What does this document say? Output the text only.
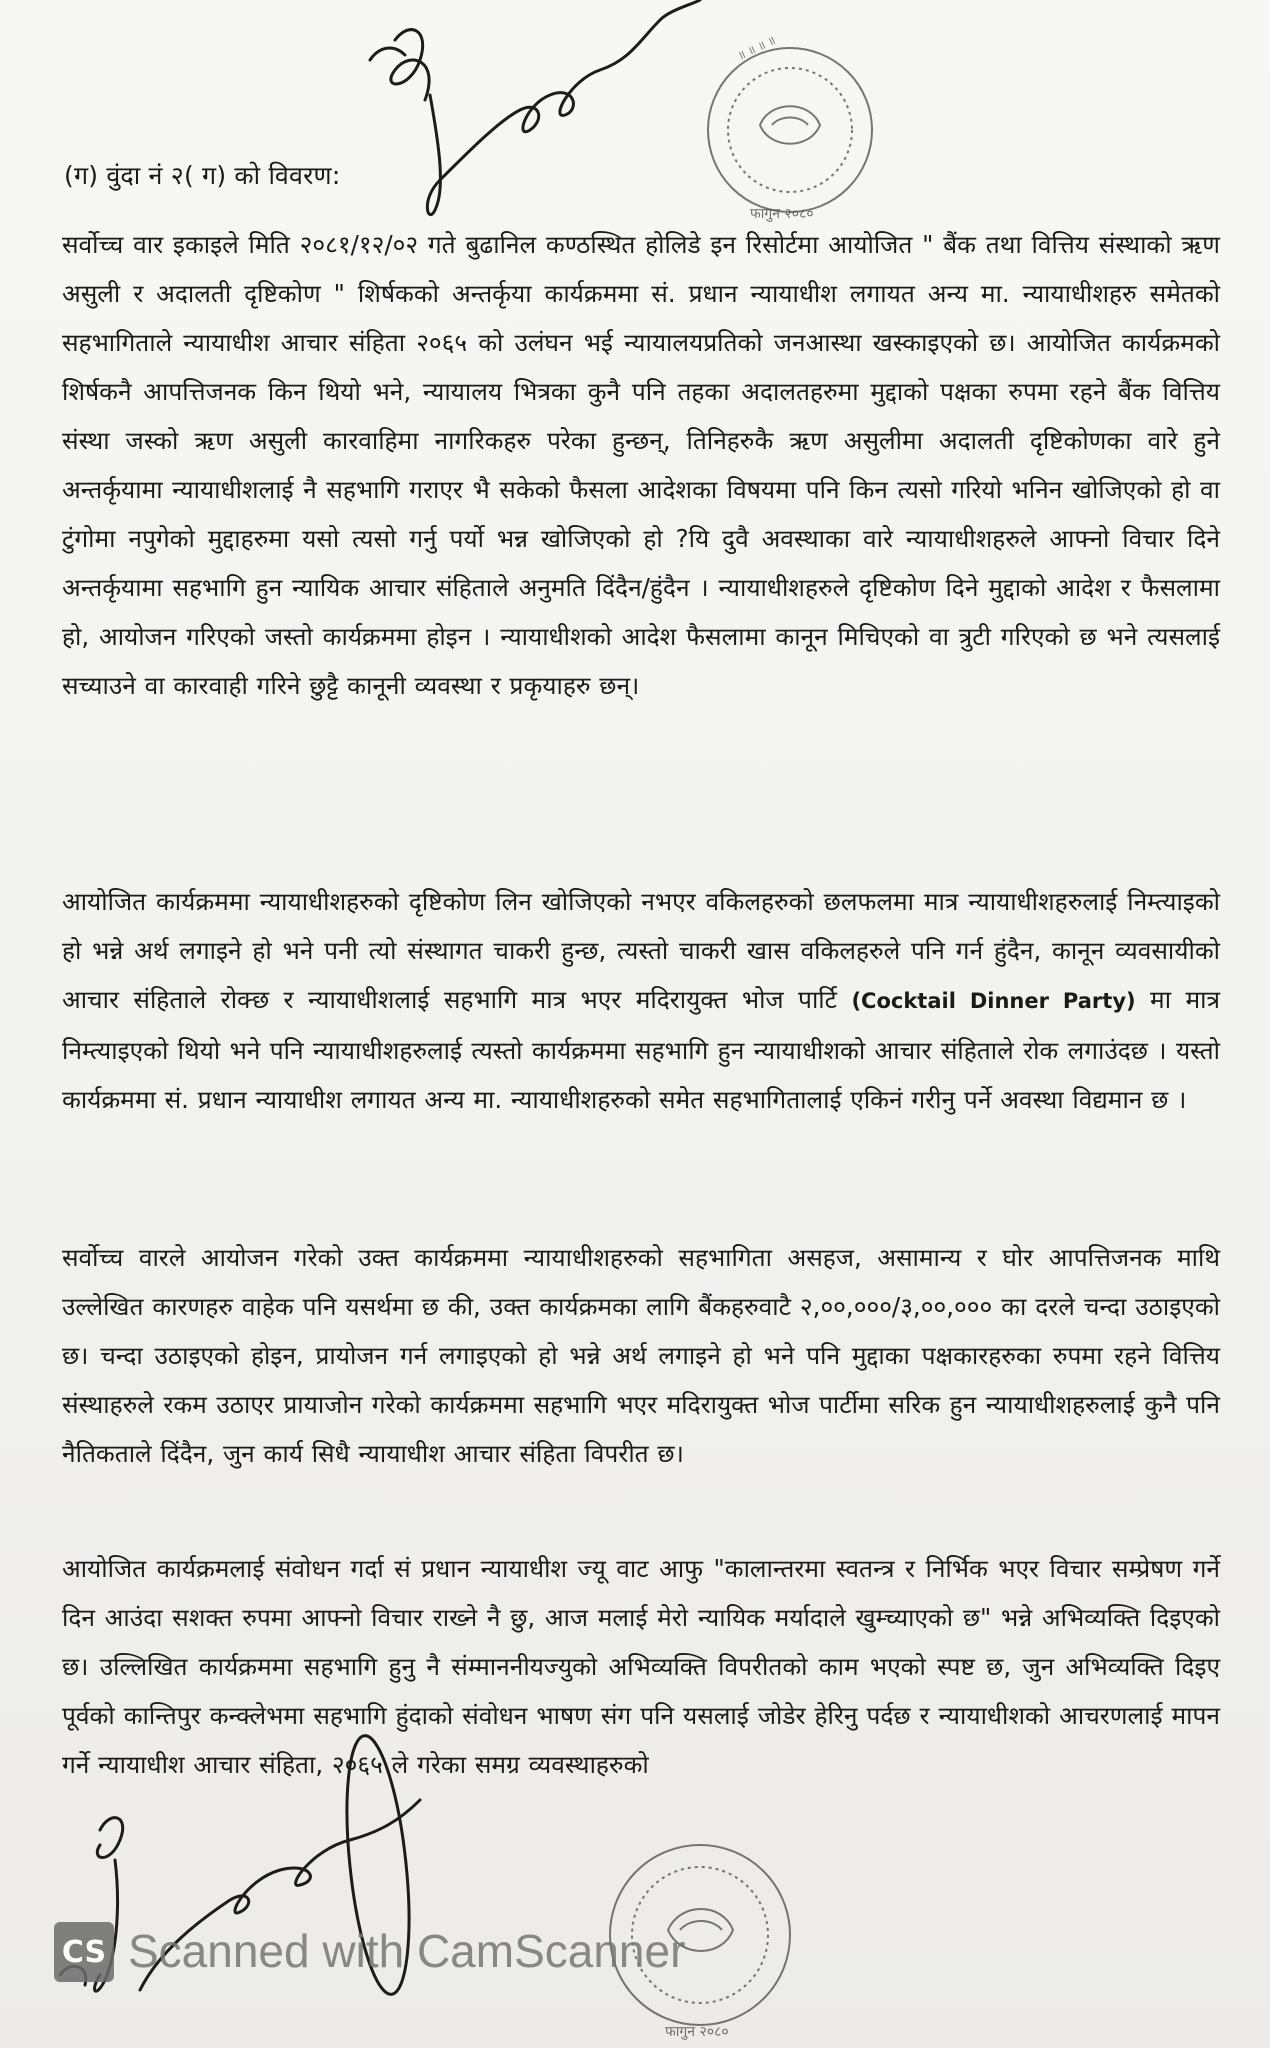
(ग) वुंदा नं २( ग) को विवरण:

सर्वोच्च वार इकाइले मिति २०८१/१२/०२ गते बुढानिल कण्ठस्थित होलिडे इन रिसोर्टमा आयोजित " बैंक तथा वित्तिय संस्थाको ऋण असुली र अदालती दृष्टिकोण " शिर्षकको अन्तर्कृया कार्यक्रममा सं. प्रधान न्यायाधीश लगायत अन्य मा. न्यायाधीशहरु समेतको सहभागिताले न्यायाधीश आचार संहिता २०६५ को उलंघन भई न्यायालयप्रतिको जनआस्था खस्काइएको छ। आयोजित कार्यक्रमको शिर्षकनै आपत्तिजनक किन थियो भने, न्यायालय भित्रका कुनै पनि तहका अदालतहरुमा मुद्दाको पक्षका रुपमा रहने बैंक वित्तिय संस्था जस्को ऋण असुली कारवाहिमा नागरिकहरु परेका हुन्छन्, तिनिहरुकै ऋण असुलीमा अदालती दृष्टिकोणका वारे हुने अन्तर्कृयामा न्यायाधीशलाई नै सहभागि गराएर भै सकेको फैसला आदेशका विषयमा पनि किन त्यसो गरियो भनिन खोजिएको हो वा टुंगोमा नपुगेको मुद्दाहरुमा यसो त्यसो गर्नु पर्यो भन्न खोजिएको हो ?यि दुवै अवस्थाका वारे न्यायाधीशहरुले आफ्नो विचार दिने अन्तर्कृयामा सहभागि हुन न्यायिक आचार संहिताले अनुमति दिंदैन/हुंदैन । न्यायाधीशहरुले दृष्टिकोण दिने मुद्दाको आदेश र फैसलामा हो, आयोजन गरिएको जस्तो कार्यक्रममा होइन । न्यायाधीशको आदेश फैसलामा कानून मिचिएको वा त्रुटी गरिएको छ भने त्यसलाई सच्याउने वा कारवाही गरिने छुट्टै कानूनी व्यवस्था र प्रकृयाहरु छन्।

आयोजित कार्यक्रममा न्यायाधीशहरुको दृष्टिकोण लिन खोजिएको नभएर वकिलहरुको छलफलमा मात्र न्यायाधीशहरुलाई निम्त्याइको हो भन्ने अर्थ लगाइने हो भने पनी त्यो संस्थागत चाकरी हुन्छ, त्यस्तो चाकरी खास वकिलहरुले पनि गर्न हुंदैन, कानून व्यवसायीको आचार संहिताले रोक्छ र न्यायाधीशलाई सहभागि मात्र भएर मदिरायुक्त भोज पार्टि (Cocktail Dinner Party) मा मात्र निम्त्याइएको थियो भने पनि न्यायाधीशहरुलाई त्यस्तो कार्यक्रममा सहभागि हुन न्यायाधीशको आचार संहिताले रोक लगाउंदछ । यस्तो कार्यक्रममा सं. प्रधान न्यायाधीश लगायत अन्य मा. न्यायाधीशहरुको समेत सहभागितालाई एकिनं गरीनु पर्ने अवस्था विद्यमान छ ।

सर्वोच्च वारले आयोजन गरेको उक्त कार्यक्रममा न्यायाधीशहरुको सहभागिता असहज, असामान्य र घोर आपत्तिजनक माथि उल्लेखित कारणहरु वाहेक पनि यसर्थमा छ की, उक्त कार्यक्रमका लागि बैंकहरुवाटै २,००,०००/३,००,००० का दरले चन्दा उठाइएको छ। चन्दा उठाइएको होइन, प्रायोजन गर्न लगाइएको हो भन्ने अर्थ लगाइने हो भने पनि मुद्दाका पक्षकारहरुका रुपमा रहने वित्तिय संस्थाहरुले रकम उठाएर प्रायाजोन गरेको कार्यक्रममा सहभागि भएर मदिरायुक्त भोज पार्टीमा सरिक हुन न्यायाधीशहरुलाई कुनै पनि नैतिकताले दिंदैन, जुन कार्य सिधै न्यायाधीश आचार संहिता विपरीत छ।

आयोजित कार्यक्रमलाई संवोधन गर्दा सं प्रधान न्यायाधीश ज्यू वाट आफु "कालान्तरमा स्वतन्त्र र निर्भिक भएर विचार सम्प्रेषण गर्ने दिन आउंदा सशक्त रुपमा आफ्नो विचार राख्ने नै छु, आज मलाई मेरो न्यायिक मर्यादाले खुम्च्याएको छ" भन्ने अभिव्यक्ति दिइएको छ। उल्लिखित कार्यक्रममा सहभागि हुनु नै संम्माननीयज्युको अभिव्यक्ति विपरीतको काम भएको स्पष्ट छ, जुन अभिव्यक्ति दिइए पूर्वको कान्तिपुर कन्क्लेभमा सहभागि हुंदाको संवोधन भाषण संग पनि यसलाई जोडेर हेरिनु पर्दछ र न्यायाधीशको आचरणलाई मापन गर्ने न्यायाधीश आचार संहिता, २०६५ ले गरेका समग्र व्यवस्थाहरुको

॥ ॥ ॥ ॥
फागुन २०८०
फागुन २०८०
CS Scanned with CamScanner
